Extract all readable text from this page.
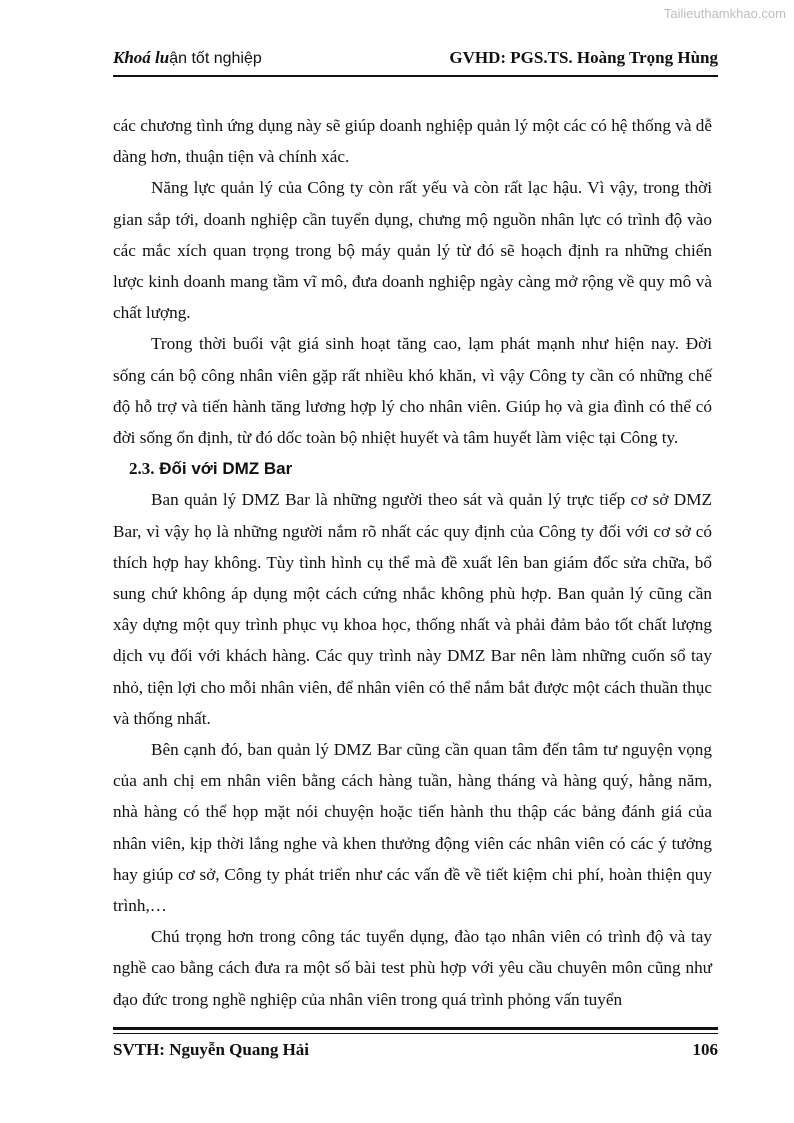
Tailieuthamkhao.com
Khoá luận tốt nghiệp	GVHD: PGS.TS. Hoàng Trọng Hùng

các chương tình ứng dụng này sẽ giúp doanh nghiệp quản lý một các có hệ thống và dễ dàng hơn, thuận tiện và chính xác.

Năng lực quản lý của Công ty còn rất yếu và còn rất lạc hậu. Vì vậy, trong thời gian sắp tới, doanh nghiệp cần tuyển dụng, chưng mộ nguồn nhân lực có trình độ vào các mắc xích quan trọng trong bộ máy quản lý từ đó sẽ hoạch định ra những chiến lược kinh doanh mang tầm vĩ mô, đưa doanh nghiệp ngày càng mở rộng về quy mô và chất lượng.

Trong thời buổi vật giá sinh hoạt tăng cao, lạm phát mạnh như hiện nay. Đời sống cán bộ công nhân viên gặp rất nhiều khó khăn, vì vậy Công ty cần có những chế độ hỗ trợ và tiến hành tăng lương hợp lý cho nhân viên. Giúp họ và gia đình có thể có đời sống ổn định, từ đó dốc toàn bộ nhiệt huyết và tâm huyết làm việc tại Công ty.

2.3. Đối với DMZ Bar

Ban quản lý DMZ Bar là những người theo sát và quản lý trực tiếp cơ sở DMZ Bar, vì vậy họ là những người nắm rõ nhất các quy định của Công ty đối với cơ sở có thích hợp hay không. Tùy tình hình cụ thể mà đề xuất lên ban giám đốc sửa chữa, bổ sung chứ không áp dụng một cách cứng nhắc không phù hợp. Ban quản lý cũng cần xây dựng một quy trình phục vụ khoa học, thống nhất và phải đảm bảo tốt chất lượng dịch vụ đối với khách hàng. Các quy trình này DMZ Bar nên làm những cuốn sổ tay nhỏ, tiện lợi cho mỗi nhân viên, để nhân viên có thể nắm bắt được một cách thuần thục và thống nhất.

Bên cạnh đó, ban quản lý DMZ Bar cũng cần quan tâm đến tâm tư nguyện vọng của anh chị em nhân viên bằng cách hàng tuần, hàng tháng và hàng quý, hằng năm, nhà hàng có thể họp mặt nói chuyện hoặc tiến hành thu thập các bảng đánh giá của nhân viên, kịp thời lắng nghe và khen thưởng động viên các nhân viên có các ý tưởng hay giúp cơ sở, Công ty phát triển như các vấn đề về tiết kiệm chi phí, hoàn thiện quy trình,…

Chú trọng hơn trong công tác tuyển dụng, đào tạo nhân viên có trình độ và tay nghề cao bằng cách đưa ra một số bài test phù hợp với yêu cầu chuyên môn cũng như đạo đức trong nghề nghiệp của nhân viên trong quá trình phỏng vấn tuyển

SVTH: Nguyễn Quang Hải	106
